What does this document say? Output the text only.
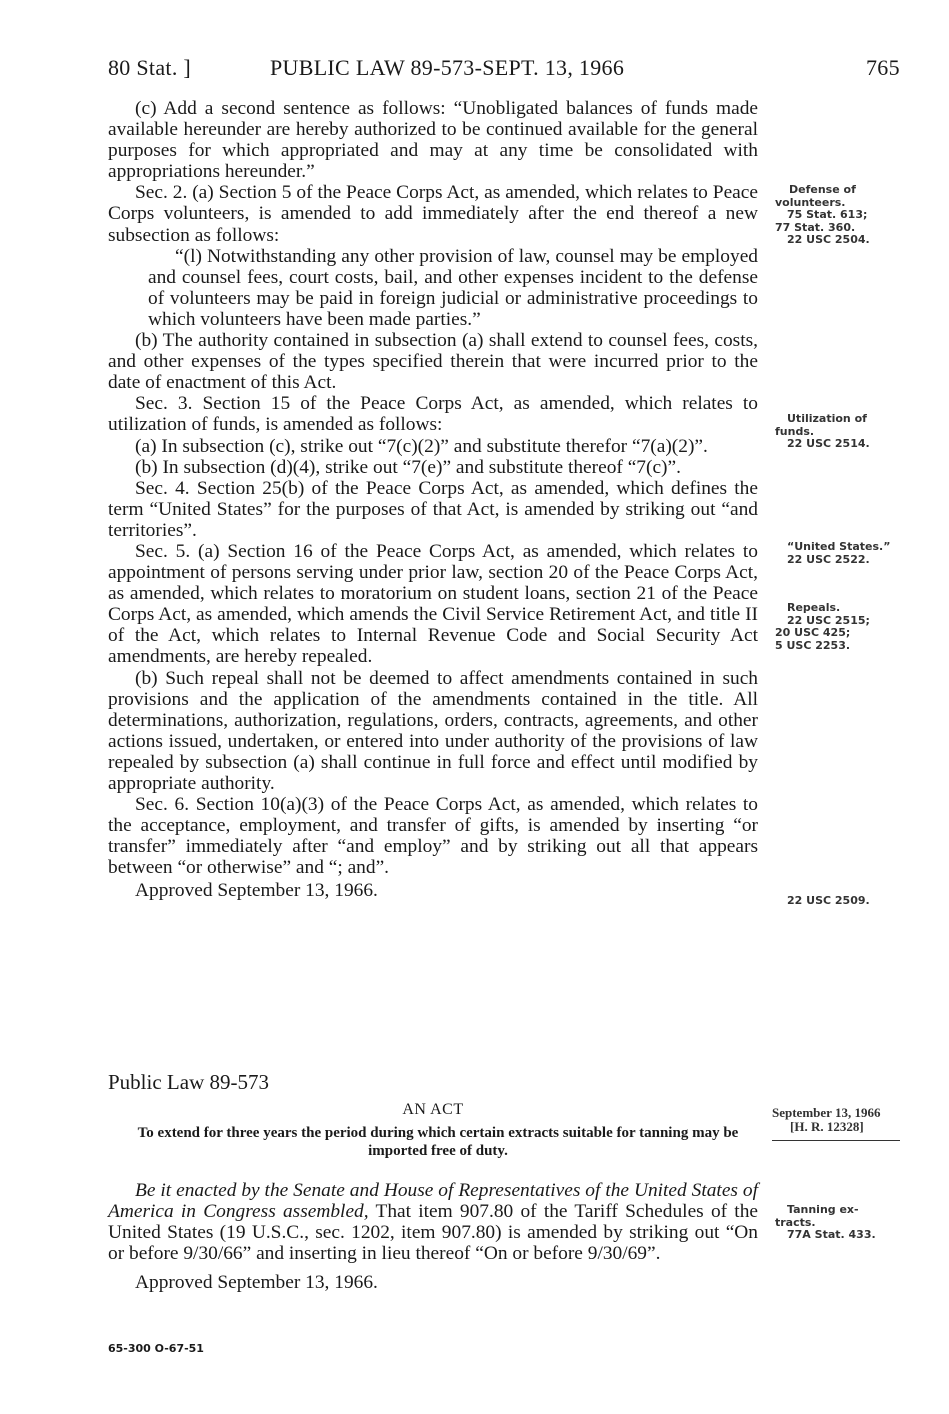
80 Stat. ]	PUBLIC LAW 89-573-SEPT. 13, 1966	765

(c) Add a second sentence as follows: “Unobligated balances of funds made available hereunder are hereby authorized to be continued available for the general purposes for which appropriated and may at any time be consolidated with appropriations hereunder.”

Sec. 2. (a) Section 5 of the Peace Corps Act, as amended, which relates to Peace Corps volunteers, is amended to add immediately after the end thereof a new subsection as follows:

“(l) Notwithstanding any other provision of law, counsel may be employed and counsel fees, court costs, bail, and other expenses incident to the defense of volunteers may be paid in foreign judicial or administrative proceedings to which volunteers have been made parties.”

(b) The authority contained in subsection (a) shall extend to counsel fees, costs, and other expenses of the types specified therein that were incurred prior to the date of enactment of this Act.

Sec. 3. Section 15 of the Peace Corps Act, as amended, which relates to utilization of funds, is amended as follows:

(a) In subsection (c), strike out “7(c)(2)” and substitute therefor “7(a)(2)”.

(b) In subsection (d)(4), strike out “7(e)” and substitute thereof “7(c)”.

Sec. 4. Section 25(b) of the Peace Corps Act, as amended, which defines the term “United States” for the purposes of that Act, is amended by striking out “and territories”.

Sec. 5. (a) Section 16 of the Peace Corps Act, as amended, which relates to appointment of persons serving under prior law, section 20 of the Peace Corps Act, as amended, which relates to moratorium on student loans, section 21 of the Peace Corps Act, as amended, which amends the Civil Service Retirement Act, and title II of the Act, which relates to Internal Revenue Code and Social Security Act amendments, are hereby repealed.

(b) Such repeal shall not be deemed to affect amendments contained in such provisions and the application of the amendments contained in the title. All determinations, authorization, regulations, orders, contracts, agreements, and other actions issued, undertaken, or entered into under authority of the provisions of law repealed by subsection (a) shall continue in full force and effect until modified by appropriate authority.

Sec. 6. Section 10(a)(3) of the Peace Corps Act, as amended, which relates to the acceptance, employment, and transfer of gifts, is amended by inserting “or transfer” immediately after “and employ” and by striking out all that appears between “or otherwise” and “; and”.

Approved September 13, 1966.

Public Law 89-573
AN ACT
To extend for three years the period during which certain extracts suitable for tanning may be imported free of duty.

Be it enacted by the Senate and House of Representatives of the United States of America in Congress assembled, That item 907.80 of the Tariff Schedules of the United States (19 U.S.C., sec. 1202, item 907.80) is amended by striking out “On or before 9/30/66” and inserting in lieu thereof “On or before 9/30/69”.

Approved September 13, 1966.

65-300 O-67-51
Defense of
volunteers.
75 Stat. 613;
77 Stat. 360.
22 USC 2504.
Utilization of
funds.
22 USC 2514.
“United States.”
22 USC 2522.
Repeals.
22 USC 2515;
20 USC 425;
5 USC 2253.
22 USC 2509.
September 13, 1966
[H. R. 12328]
Tanning ex-
tracts.
77A Stat. 433.
